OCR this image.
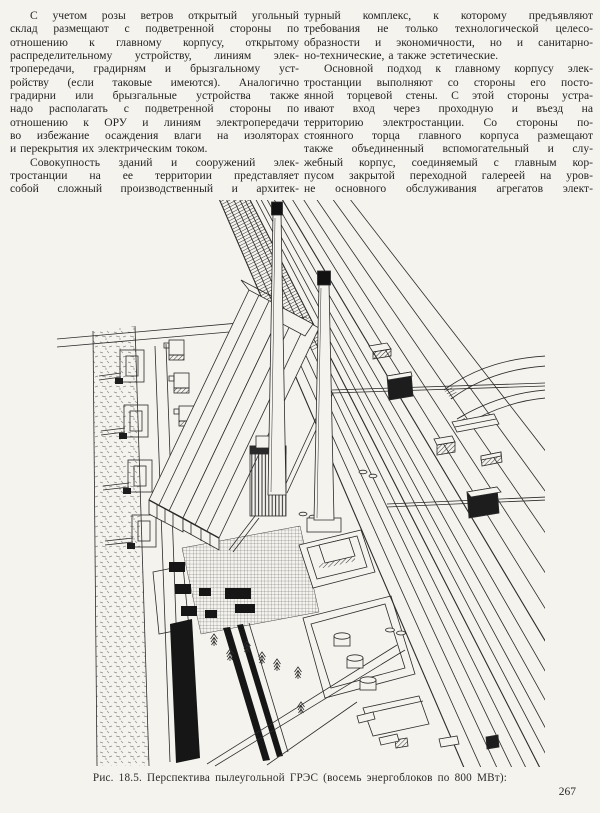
С учетом розы ветров открытый угольный
склад размещают с подветренной стороны по
отношению к главному корпусу, открытому
распределительному устройству, линиям элек-
тропередачи, градирням и брызгальному уст-
ройству (если таковые имеются). Аналогично
градирни или брызгальные устройства также
надо располагать с подветренной стороны по
отношению к ОРУ и линиям электропередачи
во избежание осаждения влаги на изоляторах
и перекрытия их электрическим током.
Совокупность зданий и сооружений элек-
тростанции на ее территории представляет
собой сложный производственный и архитек-
турный комплекс, к которому предъявляют
требования не только технологической целесо-
образности и экономичности, но и санитарно-
но-технические, а также эстетические.
Основной подход к главному корпусу элек-
тростанции выполняют со стороны его посто-
янной торцевой стены. С этой стороны устра-
ивают вход через проходную и въезд на
территорию электростанции. Со стороны по-
стоянного торца главного корпуса размещают
также объединенный вспомогательный и слу-
жебный корпус, соединяемый с главным кор-
пусом закрытой переходной галереей на уров-
не основного обслуживания агрегатов элект-
Рис. 18.5. Перспектива пылеугольной ГРЭС (восемь энергоблоков по 800 МВт):
267
